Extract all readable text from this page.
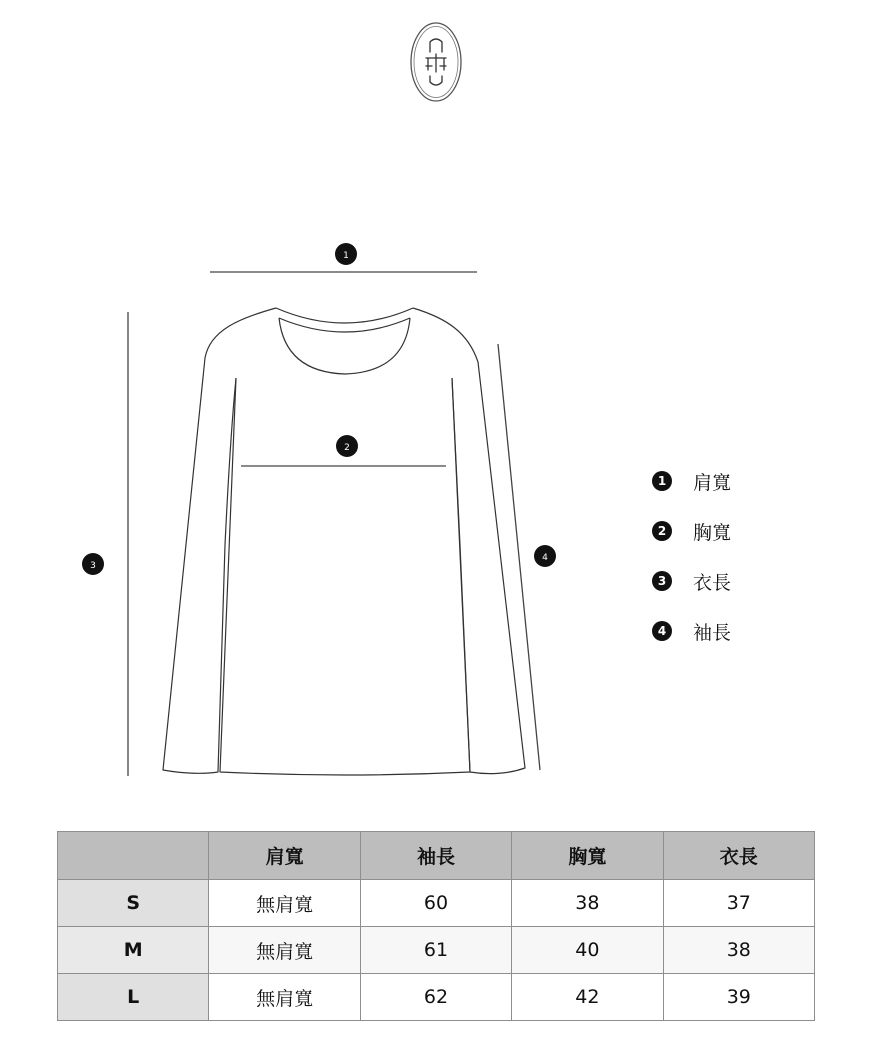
1
2
3
4
1	肩寬
2	胸寬
3	衣長
4	袖長
	肩寬	袖長	胸寬	衣長
S	無肩寬	60	38	37
M	無肩寬	61	40	38
L	無肩寬	62	42	39
